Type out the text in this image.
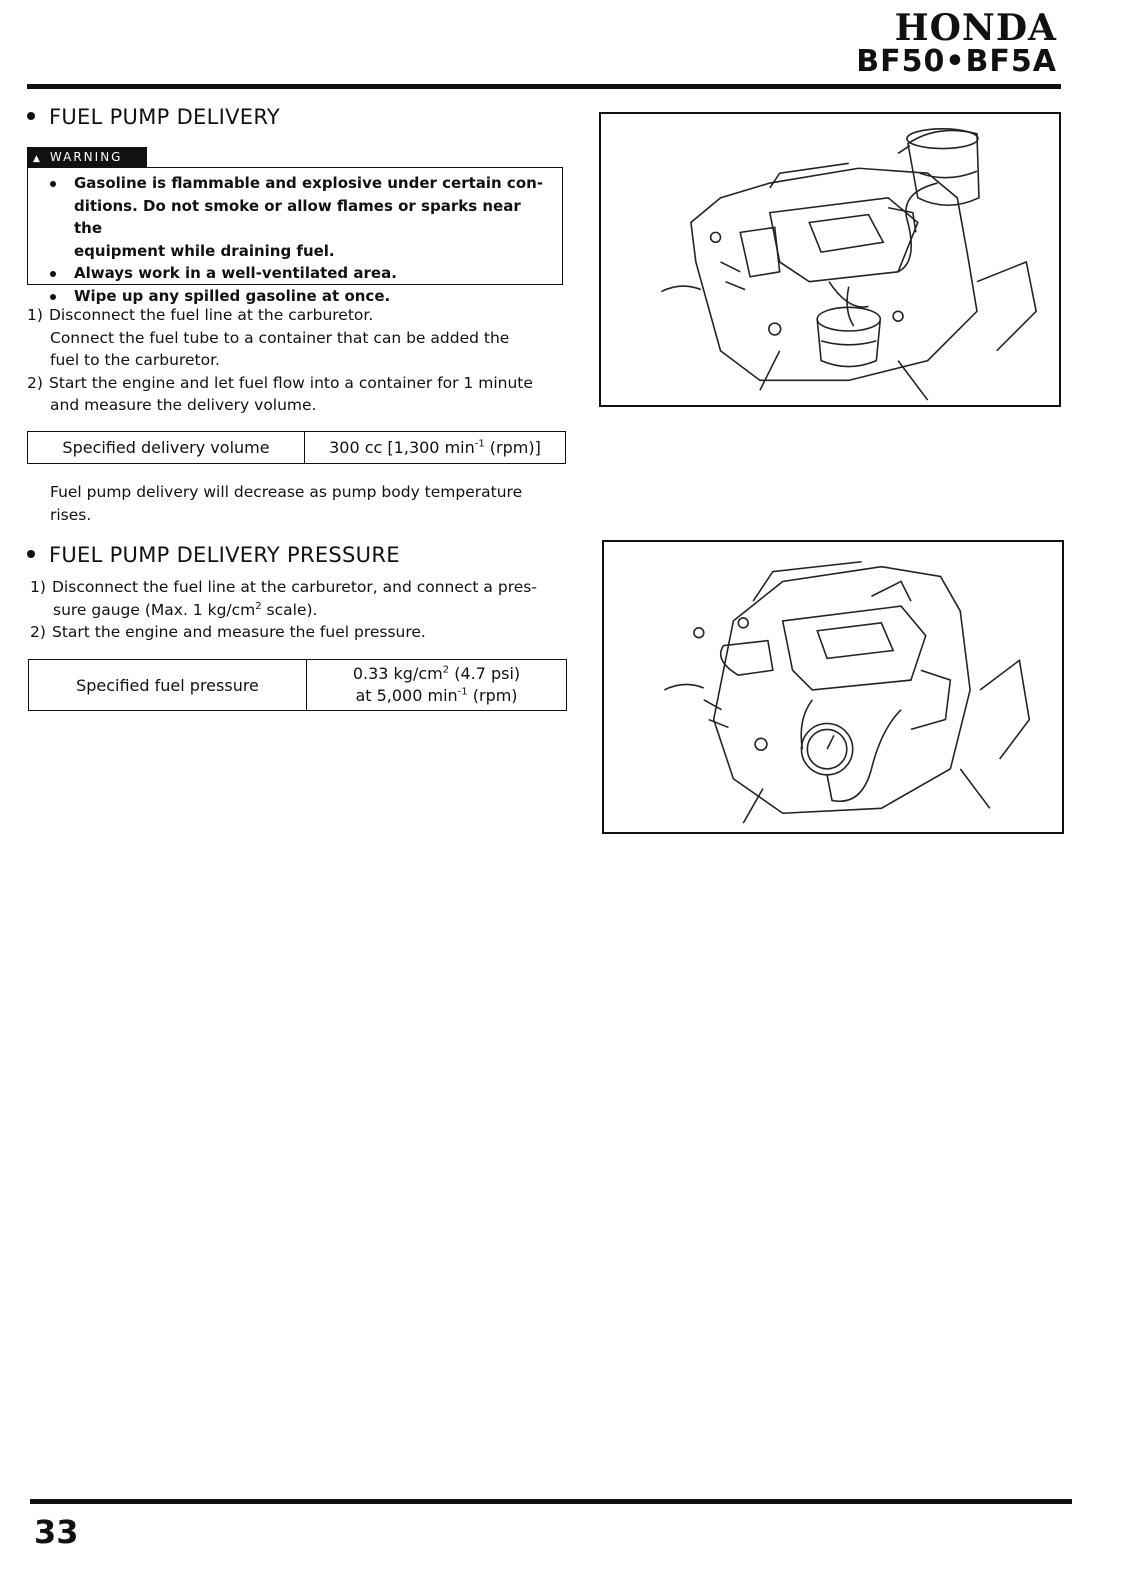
HONDA
BF50•BF5A
FUEL PUMP DELIVERY
▲ WARNING
Gasoline is flammable and explosive under certain con-
ditions. Do not smoke or allow flames or sparks near the
equipment while draining fuel.
Always work in a well-ventilated area.
Wipe up any spilled gasoline at once.
1) Disconnect the fuel line at the carburetor.
Connect the fuel tube to a container that can be added the
fuel to the carburetor.
2) Start the engine and let fuel flow into a container for 1 minute
and measure the delivery volume.
Specified delivery volume	300 cc [1,300 $\min^{-1} (rpm)$]
Fuel pump delivery will decrease as pump body temperature
rises.
FUEL PUMP DELIVERY PRESSURE
1) Disconnect the fuel line at the carburetor, and connect a pres-
sure gauge (Max. 1 $kg/cm^2$ scale).
2) Start the engine and measure the fuel pressure.
Specified fuel pressure
0.33 $kg/cm^2$ (4.7 psi)
at 5,000 $\min^{-1} (rpm)$
33
